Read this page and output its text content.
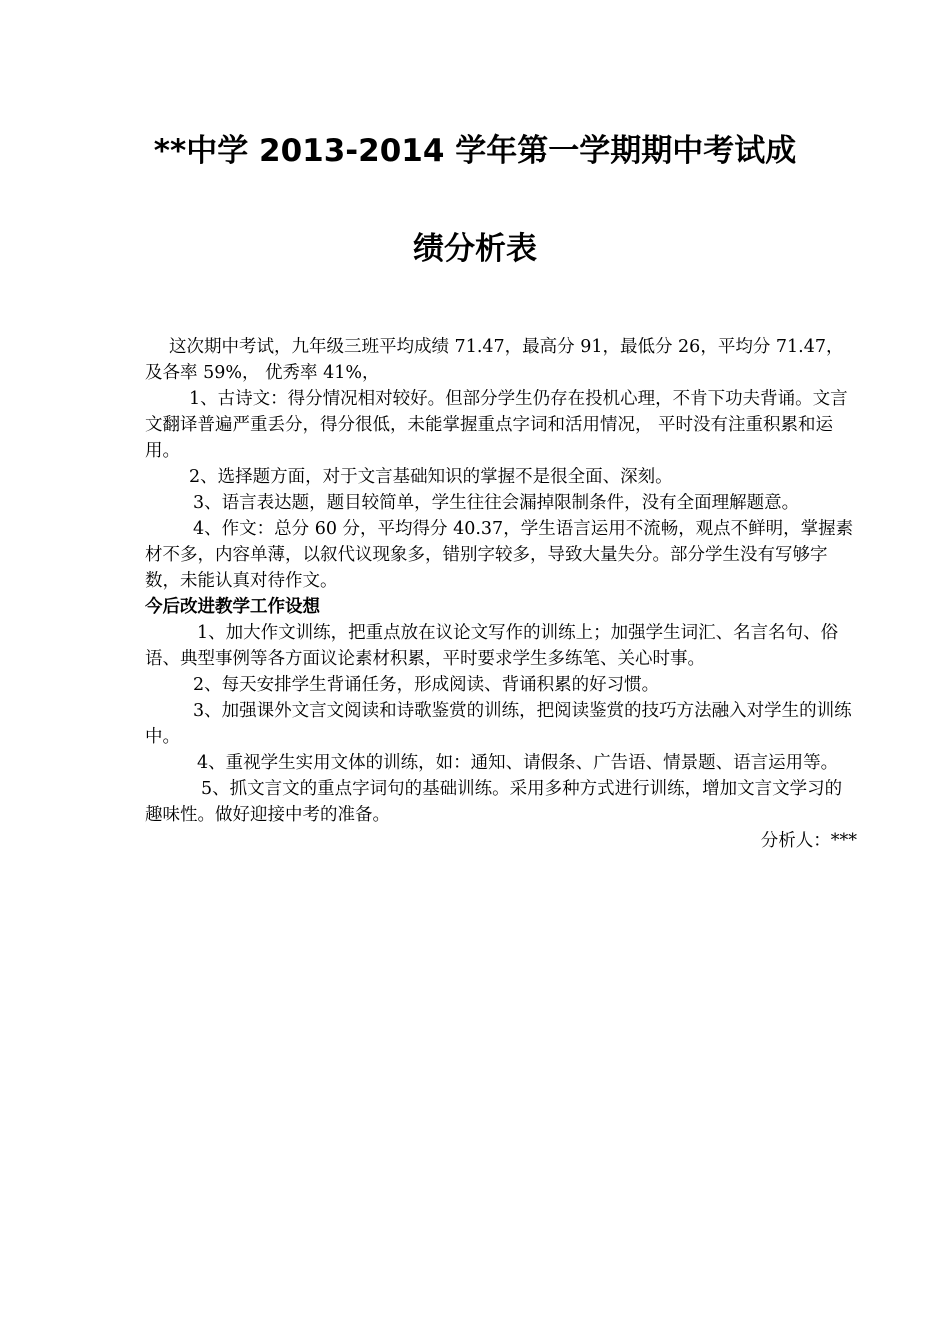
**中学 2013-2014 学年第一学期期中考试成
绩分析表

这次期中考试，九年级三班平均成绩 71.47，最高分 91，最低分 26，平均分 71.47， 及各率 59%， 优秀率 41%，

1、古诗文：得分情况相对较好。但部分学生仍存在投机心理，不肯下功夫背诵。文言文翻译普遍严重丢分，得分很低，未能掌握重点字词和活用情况， 平时没有注重积累和运用。

2、选择题方面，对于文言基础知识的掌握不是很全面、深刻。

3、语言表达题，题目较简单，学生往往会漏掉限制条件，没有全面理解题意。

4、作文：总分 60 分，平均得分 40.37，学生语言运用不流畅，观点不鲜明，掌握素材不多，内容单薄，以叙代议现象多，错别字较多，导致大量失分。部分学生没有写够字数，未能认真对待作文。

今后改进教学工作设想

1、加大作文训练，把重点放在议论文写作的训练上；加强学生词汇、名言名句、俗语、典型事例等各方面议论素材积累，平时要求学生多练笔、关心时事。

2、每天安排学生背诵任务，形成阅读、背诵积累的好习惯。

3、加强课外文言文阅读和诗歌鉴赏的训练，把阅读鉴赏的技巧方法融入对学生的训练中。

4、重视学生实用文体的训练，如：通知、请假条、广告语、情景题、语言运用等。

5、抓文言文的重点字词句的基础训练。采用多种方式进行训练，增加文言文学习的趣味性。做好迎接中考的准备。

分析人：***
